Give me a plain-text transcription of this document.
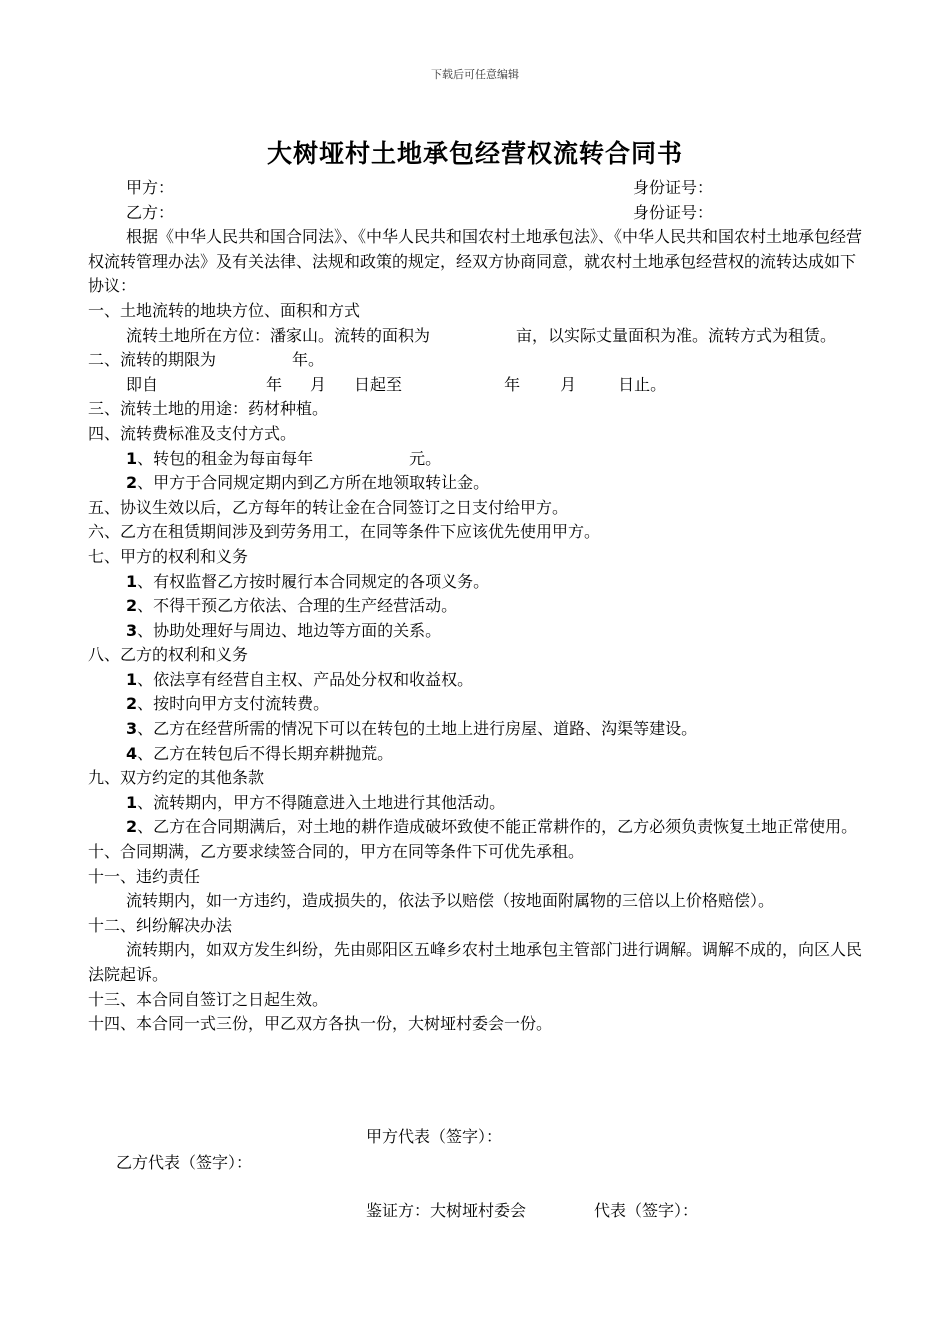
下载后可任意编辑
大树垭村土地承包经营权流转合同书
甲方：	身份证号：
乙方：	身份证号：
根据《中华人民共和国合同法》、《中华人民共和国农村土地承包法》、《中华人民共和国农村土地承包经营权流转管理办法》及有关法律、法规和政策的规定，经双方协商同意，就农村土地承包经营权的流转达成如下协议：
一、土地流转的地块方位、面积和方式
流转土地所在方位：潘家山。流转的面积为	亩，以实际丈量面积为准。流转方式为租赁。
二、流转的期限为	年。
即自	年 月 日起至	年	月	日止。
三、流转土地的用途：药材种植。
四、流转费标准及支付方式。
1、转包的租金为每亩每年	元。
2、甲方于合同规定期内到乙方所在地领取转让金。
五、协议生效以后，乙方每年的转让金在合同签订之日支付给甲方。
六、乙方在租赁期间涉及到劳务用工，在同等条件下应该优先使用甲方。
七、甲方的权利和义务
1、有权监督乙方按时履行本合同规定的各项义务。
2、不得干预乙方依法、合理的生产经营活动。
3、协助处理好与周边、地边等方面的关系。
八、乙方的权利和义务
1、依法享有经营自主权、产品处分权和收益权。
2、按时向甲方支付流转费。
3、乙方在经营所需的情况下可以在转包的土地上进行房屋、道路、沟渠等建设。
4、乙方在转包后不得长期弃耕抛荒。
九、双方约定的其他条款
1、流转期内，甲方不得随意进入土地进行其他活动。
2、乙方在合同期满后，对土地的耕作造成破坏致使不能正常耕作的，乙方必须负责恢复土地正常使用。
十、合同期满，乙方要求续签合同的，甲方在同等条件下可优先承租。
十一、违约责任
流转期内，如一方违约，造成损失的，依法予以赔偿（按地面附属物的三倍以上价格赔偿）。
十二、纠纷解决办法
流转期内，如双方发生纠纷，先由郧阳区五峰乡农村土地承包主管部门进行调解。调解不成的，向区人民法院起诉。
十三、本合同自签订之日起生效。
十四、本合同一式三份，甲乙双方各执一份，大树垭村委会一份。
甲方代表（签字）：
乙方代表（签字）：
鉴证方：大树垭村委会	代表（签字）：
